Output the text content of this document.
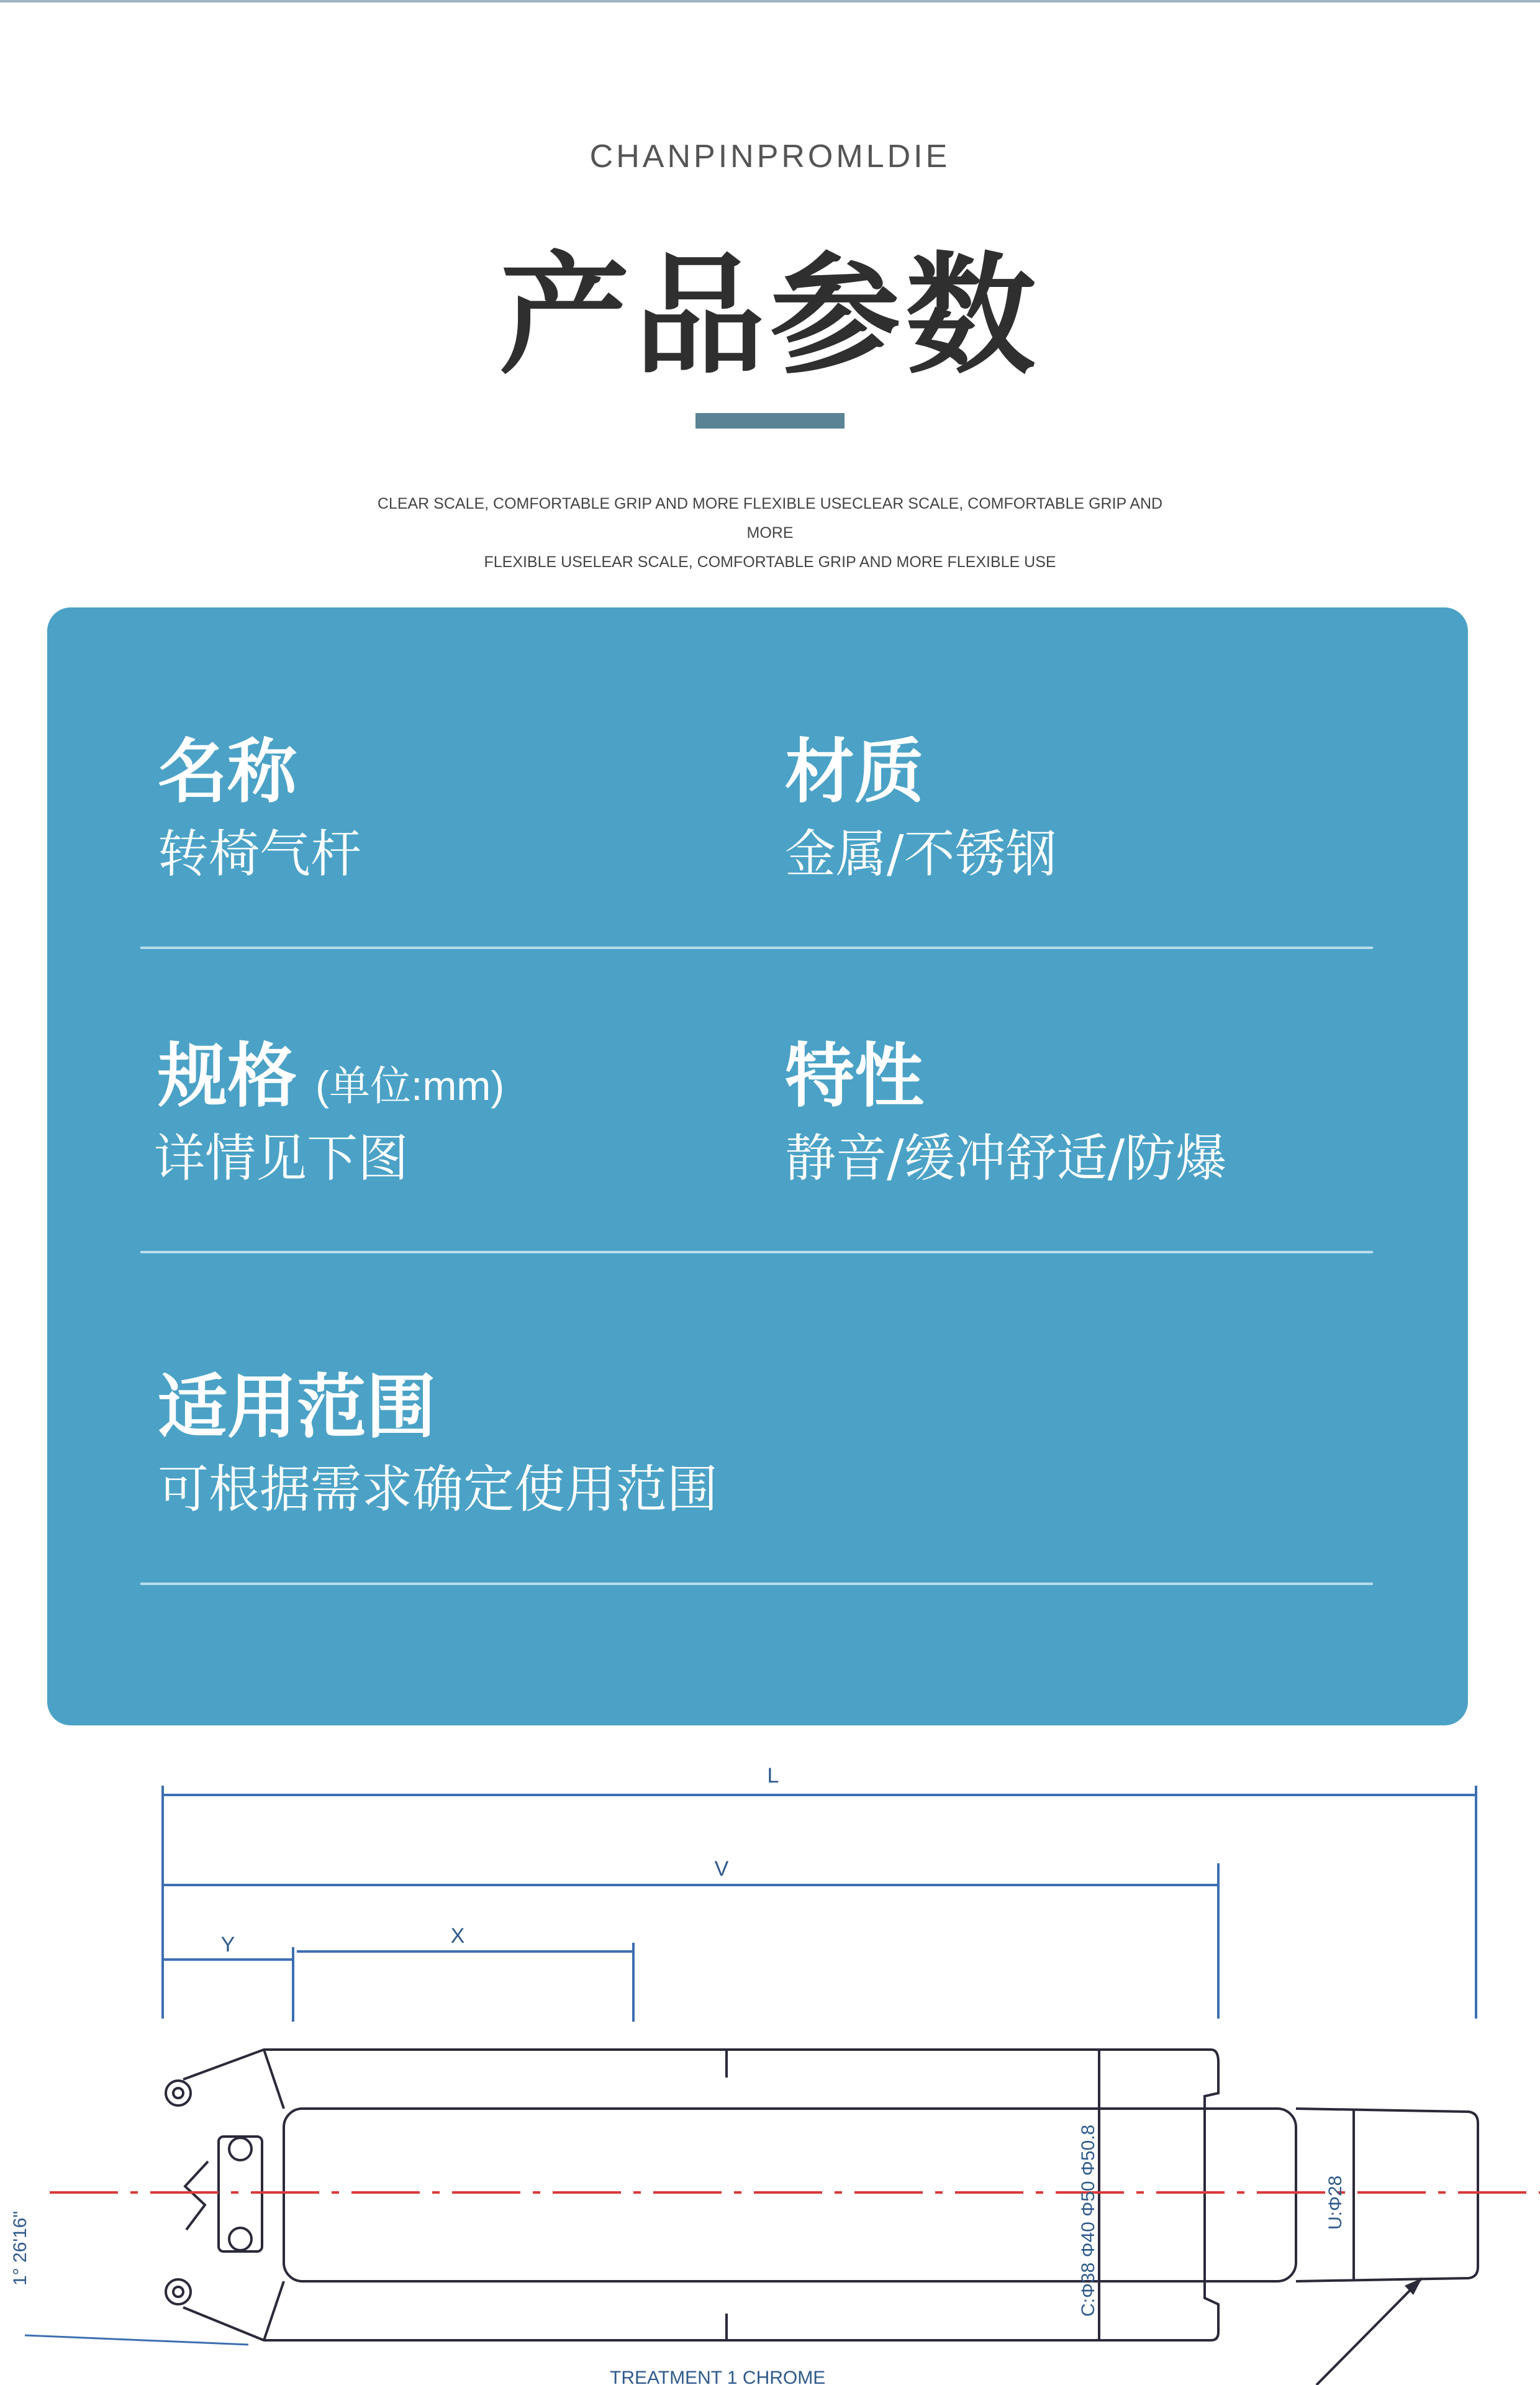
CHANPINPROMLDIE
产品参数
CLEAR SCALE, COMFORTABLE GRIP AND MORE FLEXIBLE USECLEAR SCALE, COMFORTABLE GRIP AND MORE
FLEXIBLE USELEAR SCALE, COMFORTABLE GRIP AND MORE FLEXIBLE USE
名称
转椅气杆
材质
金属/不锈钢
规格 (单位:mm)
详情见下图
特性
静音/缓冲舒适/防爆
适用范围
可根据需求确定使用范围
L
V
Y	X
C:Φ38 Φ40 Φ50 Φ50.8	U:Φ28
1° 26'16"
TREATMENT 1 CHROME
